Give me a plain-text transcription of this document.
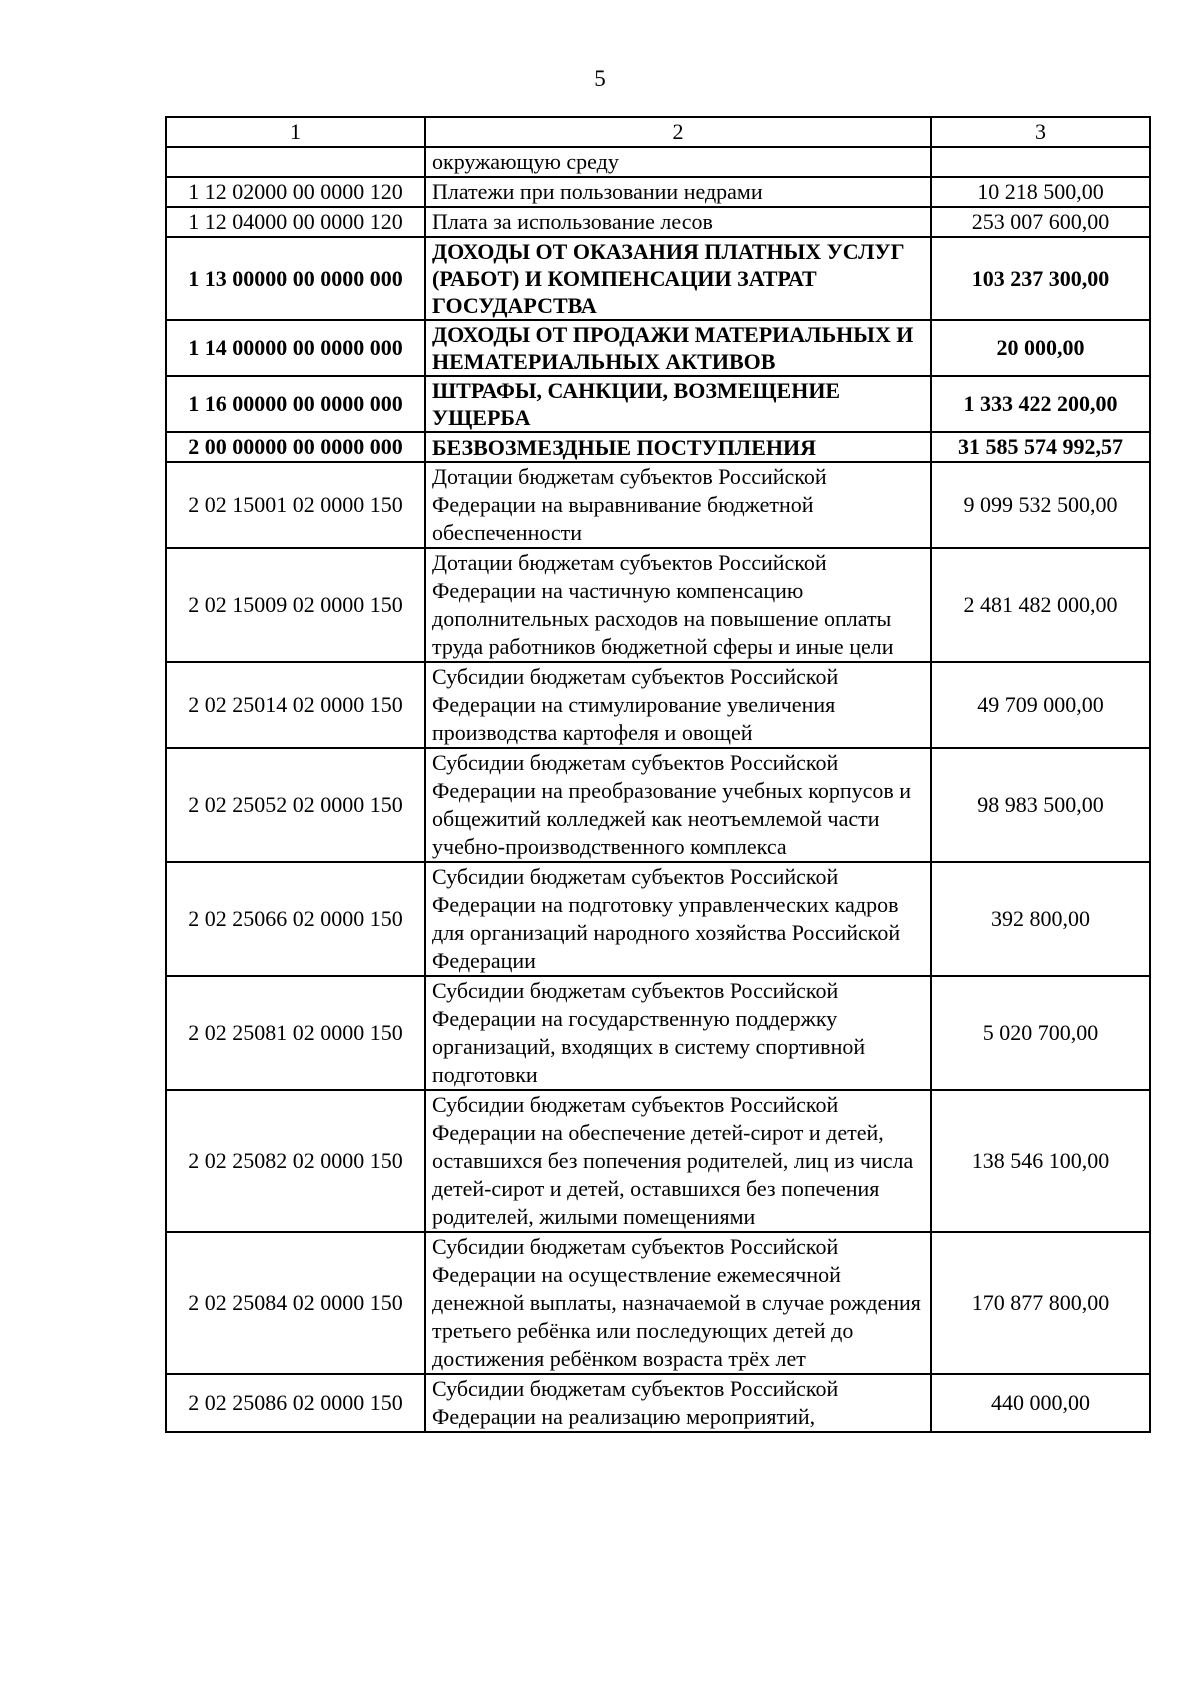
5
1	2	3
	окружающую среду	
1 12 02000 00 0000 120	Платежи при пользовании недрами	10 218 500,00
1 12 04000 00 0000 120	Плата за использование лесов	253 007 600,00
1 13 00000 00 0000 000	ДОХОДЫ ОТ ОКАЗАНИЯ ПЛАТНЫХ УСЛУГ (РАБОТ) И КОМПЕНСАЦИИ ЗАТРАТ ГОСУДАРСТВА	103 237 300,00
1 14 00000 00 0000 000	ДОХОДЫ ОТ ПРОДАЖИ МАТЕРИАЛЬНЫХ И НЕМАТЕРИАЛЬНЫХ АКТИВОВ	20 000,00
1 16 00000 00 0000 000	ШТРАФЫ, САНКЦИИ, ВОЗМЕЩЕНИЕ УЩЕРБА	1 333 422 200,00
2 00 00000 00 0000 000	БЕЗВОЗМЕЗДНЫЕ ПОСТУПЛЕНИЯ	31 585 574 992,57
2 02 15001 02 0000 150	Дотации бюджетам субъектов Российской Федерации на выравнивание бюджетной обеспеченности	9 099 532 500,00
2 02 15009 02 0000 150	Дотации бюджетам субъектов Российской Федерации на частичную компенсацию дополнительных расходов на повышение оплаты труда работников бюджетной сферы и иные цели	2 481 482 000,00
2 02 25014 02 0000 150	Субсидии бюджетам субъектов Российской Федерации на стимулирование увеличения производства картофеля и овощей	49 709 000,00
2 02 25052 02 0000 150	Субсидии бюджетам субъектов Российской Федерации на преобразование учебных корпусов и общежитий колледжей как неотъемлемой части учебно-производственного комплекса	98 983 500,00
2 02 25066 02 0000 150	Субсидии бюджетам субъектов Российской Федерации на подготовку управленческих кадров для организаций народного хозяйства Российской Федерации	392 800,00
2 02 25081 02 0000 150	Субсидии бюджетам субъектов Российской Федерации на государственную поддержку организаций, входящих в систему спортивной подготовки	5 020 700,00
2 02 25082 02 0000 150	Субсидии бюджетам субъектов Российской Федерации на обеспечение детей-сирот и детей, оставшихся без попечения родителей, лиц из числа детей-сирот и детей, оставшихся без попечения родителей, жилыми помещениями	138 546 100,00
2 02 25084 02 0000 150	Субсидии бюджетам субъектов Российской Федерации на осуществление ежемесячной денежной выплаты, назначаемой в случае рождения третьего ребёнка или последующих детей до достижения ребёнком возраста трёх лет	170 877 800,00
2 02 25086 02 0000 150	Субсидии бюджетам субъектов Российской Федерации на реализацию мероприятий,	440 000,00
